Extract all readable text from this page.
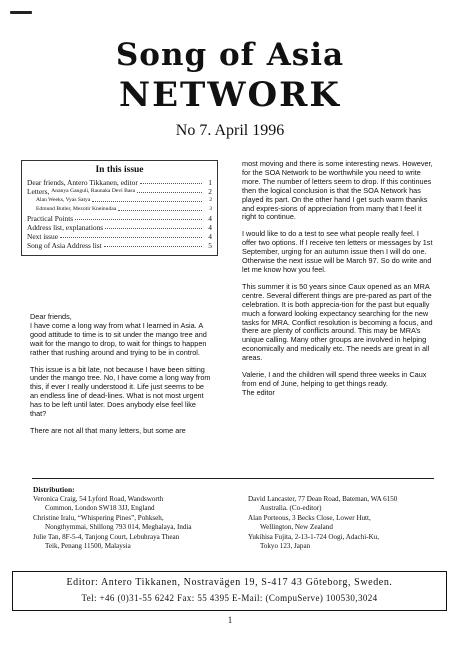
Song of Asia
NETWORK
No 7. April 1996
In this issue
Dear friends, Antero Tikkanen, editor	1
Letters,
Ananya Ganguli, Raunaka Devi Basu	2
Alan Weeks, Vyas Satya	2
Edmund Butler, Mezotir Kneinudaa	3
Practical Points	4
Address list, explanations	4
Next issue	4
Song of Asia Address list	5

Dear friends,

I have come a long way from what I learned in Asia. A good attitude to time is to sit under the mango tree and wait for the mango to drop, to wait for things to happen rather that rushing around and trying to be in control.

This issue is a bit late, not because I have been sitting under the mango tree. No, I have come a long way from this, if ever I really understood it. Life just seems to be an endless line of dead-lines. What is not most urgent has to be left until later. Does anybody else feel like that?

There are not all that many letters, but some are

most moving and there is some interesting news. However, for the SOA Network to be worthwhile you need to write more. The number of letters seem to drop. If this continues then the logical conclusion is that the SOA Network has played its part. On the other hand I get such warm thanks and expres-sions of appreciation from many that I feel it right to continue.

I would like to do a test to see what people really feel. I offer two options. If I receive ten letters or messages by 1st September, urging for an autumn issue then I will do one. Otherwise the next issue will be March 97. So do write and let me know how you feel.

This summer it is 50 years since Caux opened as an MRA centre. Several different things are pre-pared as part of the celebration. It is both apprecia-tion for the past but equally much a forward looking expectancy searching for the new tasks for MRA. Conflict resolution is becoming a focus, and there are plenty of conflicts around. This may be MRA’s unique calling. Many other groups are involved in helping economically and medically etc. The needs are great in all areas.

Valerie, I and the children will spend three weeks in Caux from end of June, helping to get things ready.

The editor

Distribution:
Veronica Craig, 54 Lyford Road, Wandsworth
Common, London SW18 3JJ, England
Christine Iralu, “Whispering Pines”, Pohkseh,
Nongthymmai, Shillong 793 014, Meghalaya, India
Julie Tan, 8F-5-4, Tanjong Court, Lebuhraya Thean
Teik, Penang 11500, Malaysia
David Lancaster, 77 Dean Road, Bateman, WA 6150
Australia. (Co-editor)
Alan Porteous, 3 Becks Close, Lower Hutt,
Wellington, New Zealand
Yukihisa Fujita, 2-13-1-724 Oogi, Adachi-Ku,
Tokyo 123, Japan
Editor: Antero Tikkanen, Nostravägen 19, S-417 43 Göteborg, Sweden.
Tel: +46 (0)31-55 6242 Fax: 55 4395 E-Mail: (CompuServe) 100530,3024
1
